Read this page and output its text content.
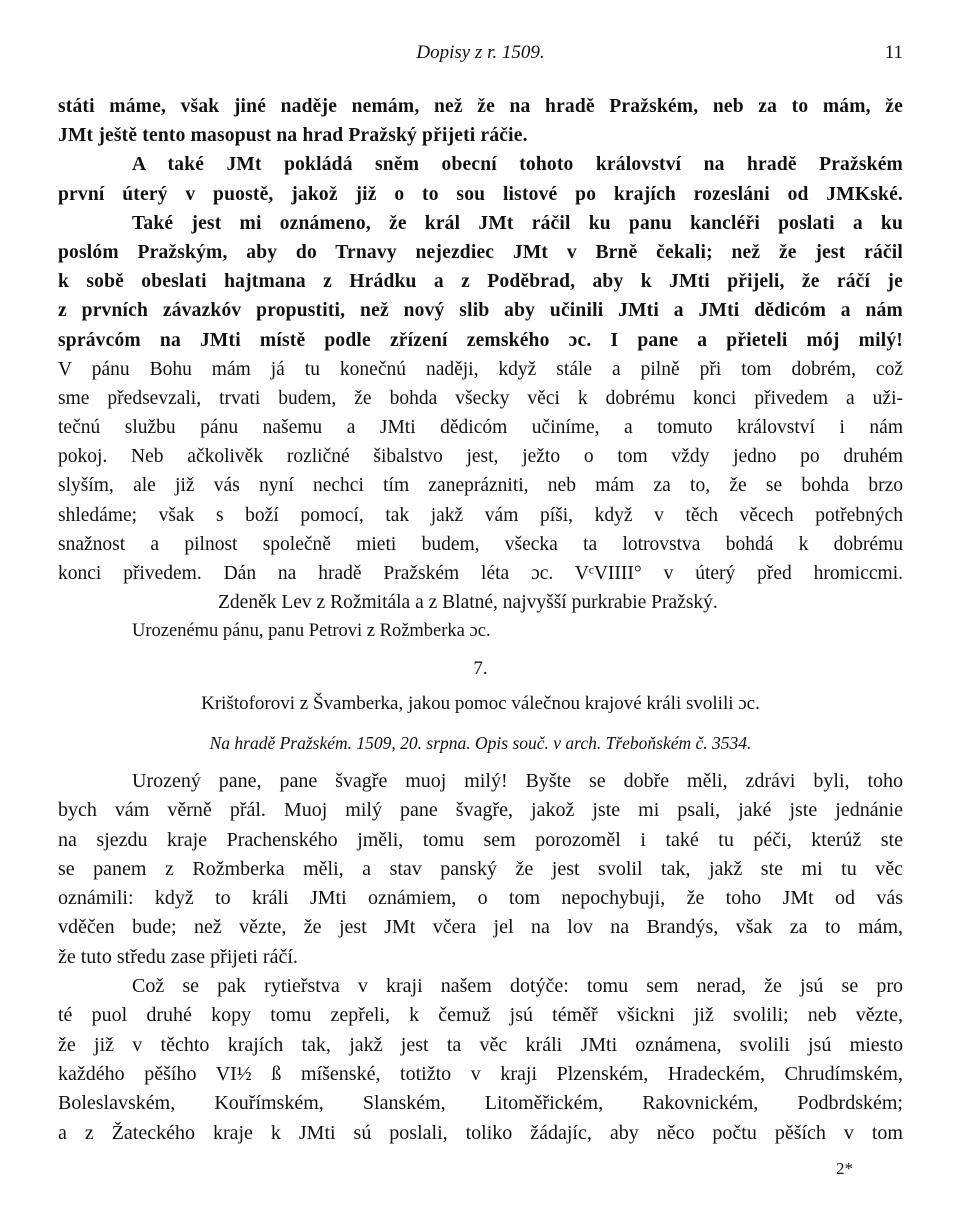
Dopisy z r. 1509.	11
státi máme, však jiné naděje nemám, než že na hradě Pražském, neb za to mám, že
JMt ještě tento masopust na hrad Pražský přijeti ráčie.
A také JMt pokládá sněm obecní tohoto království na hradě Pražském
první úterý v puostě, jakož již o to sou listové po krajích rozesláni od JMKské.
Také jest mi oznámeno, že král JMt ráčil ku panu kancléři poslati a ku
poslóm Pražským, aby do Trnavy nejezdiec JMt v Brně čekali; než že jest ráčil
k sobě obeslati hajtmana z Hrádku a z Poděbrad, aby k JMti přijeli, že ráčí je
z prvních závazkóv propustiti, než nový slib aby učinili JMti a JMti dědicóm a nám
správcóm na JMti místě podle zřízení zemského ɔc. I pane a přieteli mój milý!
V pánu Bohu mám já tu konečnú naději, když stále a pilně při tom dobrém, což
sme předsevzali, trvati budem, že bohda všecky věci k dobrému konci přivedem a uži-
tečnú službu pánu našemu a JMti dědicóm učiníme, a tomuto království i nám
pokoj. Neb ačkolivěk rozličné šibalstvo jest, ježto o tom vždy jedno po druhém
slyším, ale již vás nyní nechci tím zaneprázniti, neb mám za to, že se bohda brzo
shledáme; však s boží pomocí, tak jakž vám píši, když v těch věcech potřebných
snažnost a pilnost společně mieti budem, všecka ta lotrovstva bohdá k dobrému
konci přivedem. Dán na hradě Pražském léta ɔc. VᶜVIIII° v úterý před hromiccmi.
Zdeněk Lev z Rožmitála a z Blatné, najvyšší purkrabie Pražský.
Urozenému pánu, panu Petrovi z Rožmberka ɔc.
7.
Krištoforovi z Švamberka, jakou pomoc válečnou krajové králi svolili ɔc.
Na hradě Pražském. 1509, 20. srpna. Opis souč. v arch. Třeboňském č. 3534.
Urozený pane, pane švagře muoj milý! Byšte se dobře měli, zdrávi byli, toho
bych vám věrně přál. Muoj milý pane švagře, jakož jste mi psali, jaké jste jednánie
na sjezdu kraje Prachenského jměli, tomu sem porozoměl i také tu péči, kterúž ste
se panem z Rožmberka měli, a stav panský že jest svolil tak, jakž ste mi tu věc
oznámili: když to králi JMti oznámiem, o tom nepochybuji, že toho JMt od vás
vděčen bude; než vězte, že jest JMt včera jel na lov na Brandýs, však za to mám,
že tuto středu zase přijeti ráčí.
Což se pak rytieřstva v kraji našem dotýče: tomu sem nerad, že jsú se pro
té puol druhé kopy tomu zepřeli, k čemuž jsú téměř všickni již svolili; neb vězte,
že již v těchto krajích tak, jakž jest ta věc králi JMti oznámena, svolili jsú miesto
každého pěšího VI½ ß míšenské, totižto v kraji Plzenském, Hradeckém, Chrudímském,
Boleslavském, Kouřímském, Slanském, Litoměřickém, Rakovnickém, Podbrdském;
a z Žateckého kraje k JMti sú poslali, toliko žádajíc, aby něco počtu pěších v tom
2*
